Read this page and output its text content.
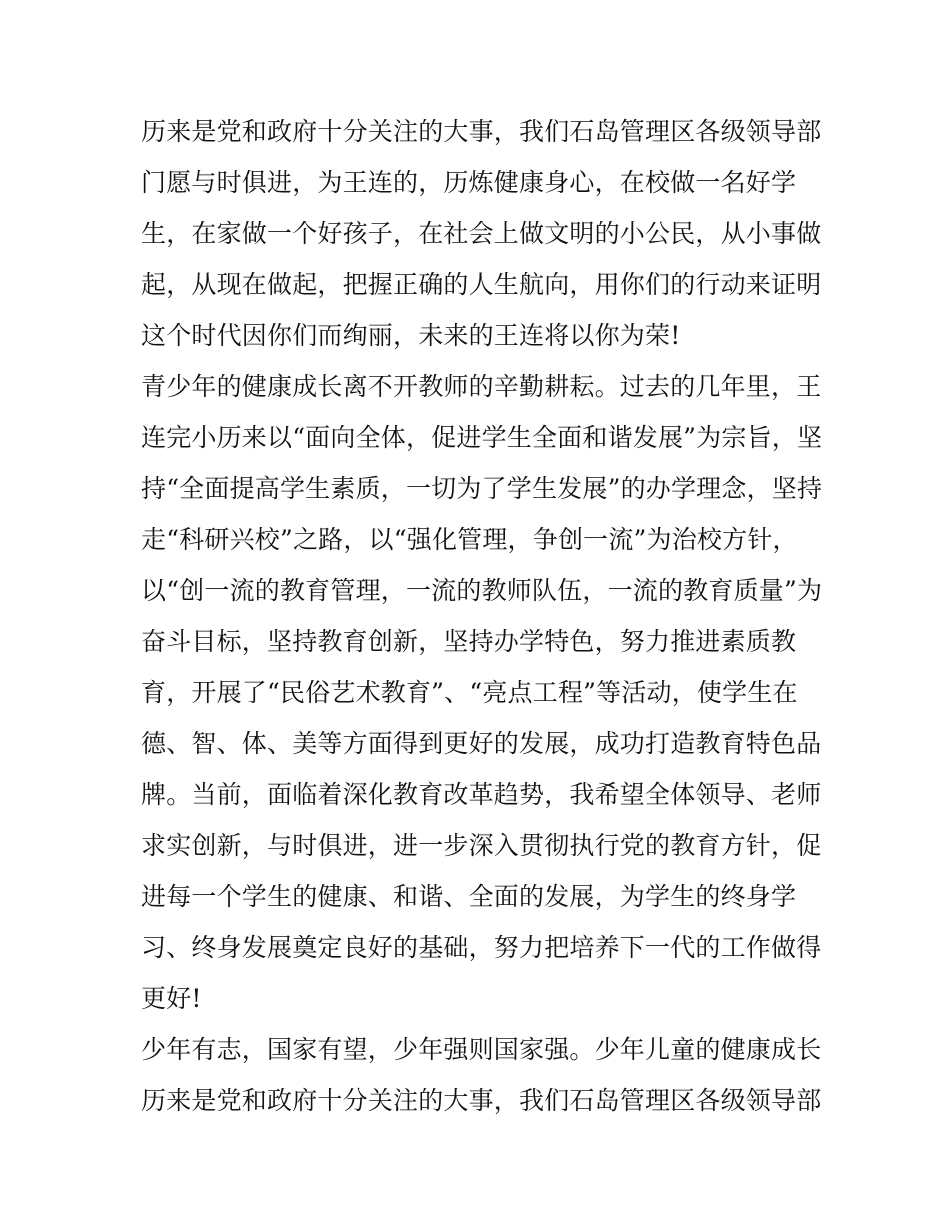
历来是党和政府十分关注的大事，我们石岛管理区各级领导部
门愿与时俱进，为王连的，历炼健康身心，在校做一名好学
生，在家做一个好孩子，在社会上做文明的小公民，从小事做
起，从现在做起，把握正确的人生航向，用你们的行动来证明
这个时代因你们而绚丽，未来的王连将以你为荣!
青少年的健康成长离不开教师的辛勤耕耘。过去的几年里，王
连完小历来以“面向全体，促进学生全面和谐发展”为宗旨，坚
持“全面提高学生素质，一切为了学生发展”的办学理念，坚持
走“科研兴校”之路，以“强化管理，争创一流”为治校方针，
以“创一流的教育管理，一流的教师队伍，一流的教育质量”为
奋斗目标，坚持教育创新，坚持办学特色，努力推进素质教
育，开展了“民俗艺术教育”、“亮点工程”等活动，使学生在
德、智、体、美等方面得到更好的发展，成功打造教育特色品
牌。当前，面临着深化教育改革趋势，我希望全体领导、老师
求实创新，与时俱进，进一步深入贯彻执行党的教育方针，促
进每一个学生的健康、和谐、全面的发展，为学生的终身学
习、终身发展奠定良好的基础，努力把培养下一代的工作做得
更好!
少年有志，国家有望，少年强则国家强。少年儿童的健康成长
历来是党和政府十分关注的大事，我们石岛管理区各级领导部
